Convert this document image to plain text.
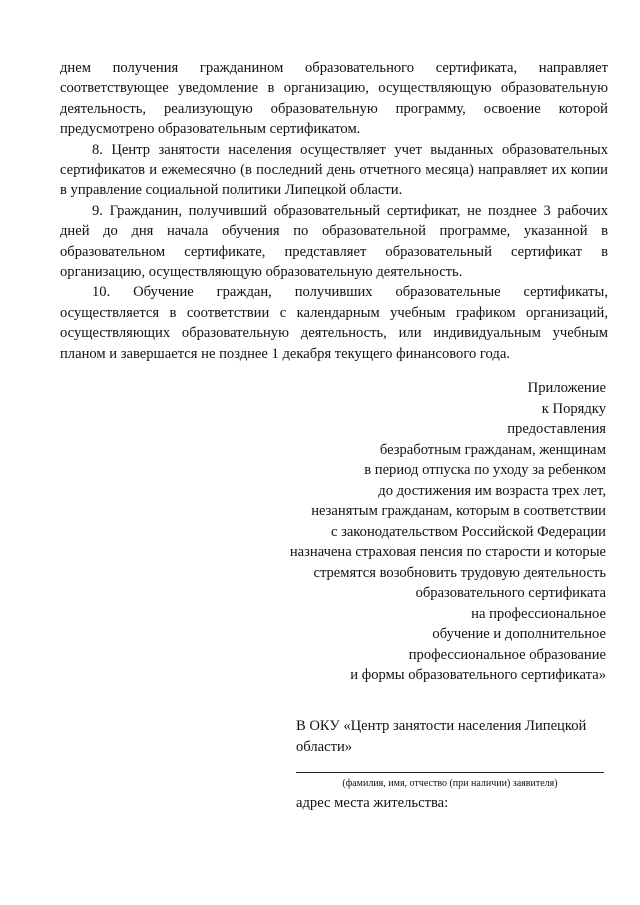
днем получения гражданином образовательного сертификата, направляет соответствующее уведомление в организацию, осуществляющую образовательную деятельность, реализующую образовательную программу, освоение которой предусмотрено образовательным сертификатом.

8. Центр занятости населения осуществляет учет выданных образовательных сертификатов и ежемесячно (в последний день отчетного месяца) направляет их копии в управление социальной политики Липецкой области.

9. Гражданин, получивший образовательный сертификат, не позднее 3 рабочих дней до дня начала обучения по образовательной программе, указанной в образовательном сертификате, представляет образовательный сертификат в организацию, осуществляющую образовательную деятельность.

10. Обучение граждан, получивших образовательные сертификаты, осуществляется в соответствии с календарным учебным графиком организаций, осуществляющих образовательную деятельность, или индивидуальным учебным планом и завершается не позднее 1 декабря текущего финансового года.

Приложение
к Порядку
предоставления
безработным гражданам, женщинам
в период отпуска по уходу за ребенком
до достижения им возраста трех лет,
незанятым гражданам, которым в соответствии
с законодательством Российской Федерации
назначена страховая пенсия по старости и которые
стремятся возобновить трудовую деятельность
образовательного сертификата
на профессиональное
обучение и дополнительное
профессиональное образование
и формы образовательного сертификата»

В ОКУ «Центр занятости населения Липецкой области»

(фамилия, имя, отчество (при наличии) заявителя)
адрес места жительства:
